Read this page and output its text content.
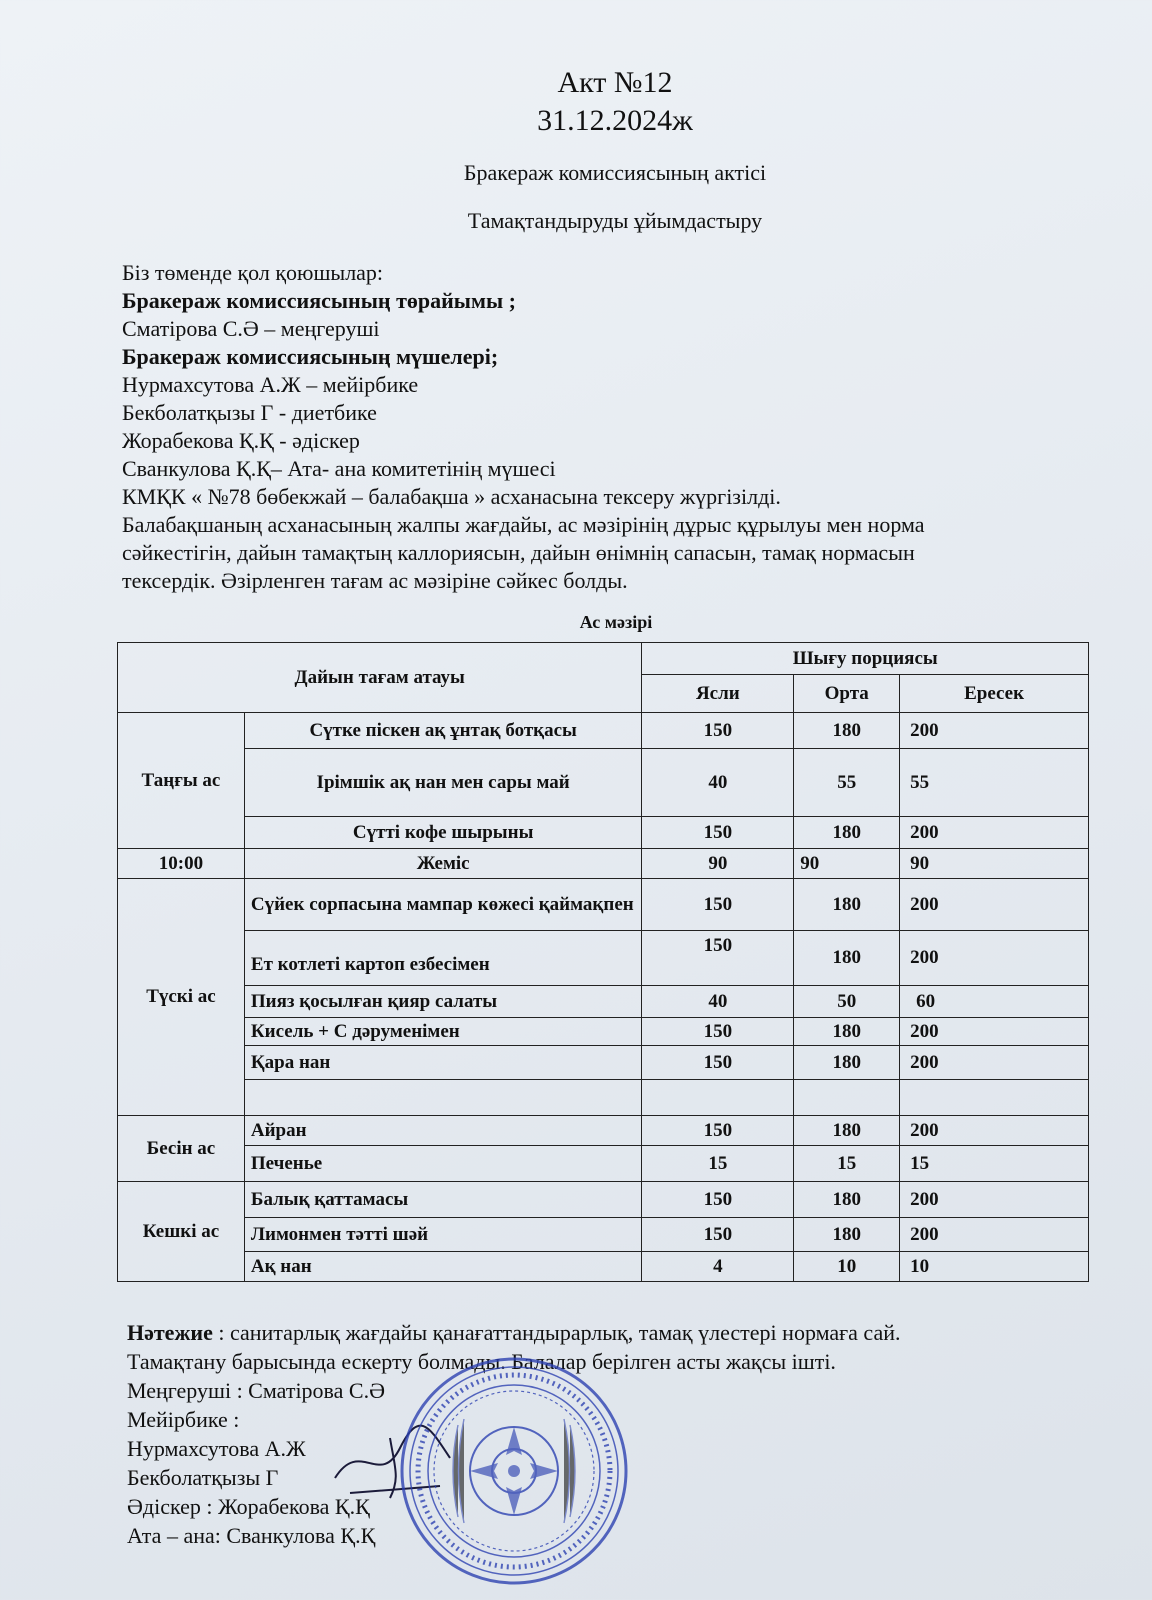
Акт №12
31.12.2024ж
Бракераж комиссиясының актісі
Тамақтандыруды ұйымдастыру
Біз төменде қол қоюшылар:
Бракераж комиссиясының төрайымы ;
Сматірова С.Ә – меңгеруші
Бракераж комиссиясының мүшелері;
Нурмахсутова А.Ж – мейірбике
Бекболатқызы Г - диетбике
Жорабекова Қ.Қ - әдіскер
Сванкулова Қ.Қ– Ата- ана комитетінің мүшесі
КМҚК « №78 бөбекжай – балабақша » асханасына тексеру жүргізілді.
Балабақшаның асханасының жалпы жағдайы, ас мәзірінің дұрыс құрылуы мен норма
сәйкестігін, дайын тамақтың каллориясын, дайын өнімнің сапасын, тамақ нормасын
тексердік. Әзірленген тағам ас мәзіріне сәйкес болды.
Ас мәзірі
Дайын тағам атауы		Шығу порциясы		
		Ясли	Орта	Ересек
Таңғы ас	Сүтке піскен ақ ұнтақ ботқасы	150	180	200
	Ірімшік ақ нан мен сары май	40	55	55
	Сүтті кофе шырыны	150	180	200
10:00	Жеміс	90	90	90
Түскі ас	Сүйек сорпасына мампар көжесі қаймақпен	150	180	200
	Ет котлеті картоп езбесімен	150	180	200
	Пияз қосылған қияр салаты	40	50	60
	Кисель + С дәруменімен	150	180	200
	Қара нан	150	180	200

Бесін ас	Айран	150	180	200
	Печенье	15	15	15
Кешкі ас	Балық қаттамасы	150	180	200
	Лимонмен тәтті шәй	150	180	200
	Ақ нан	4	10	10
Нәтежие : санитарлық жағдайы қанағаттандырарлық, тамақ үлестері нормаға сай.
Тамақтану барысында ескерту болмады. Балалар берілген асты жақсы ішті.
Меңгеруші : Сматірова С.Ә
Мейірбике :
Нурмахсутова А.Ж
Бекболатқызы Г
Әдіскер : Жорабекова Қ.Қ
Ата – ана: Сванкулова Қ.Қ
